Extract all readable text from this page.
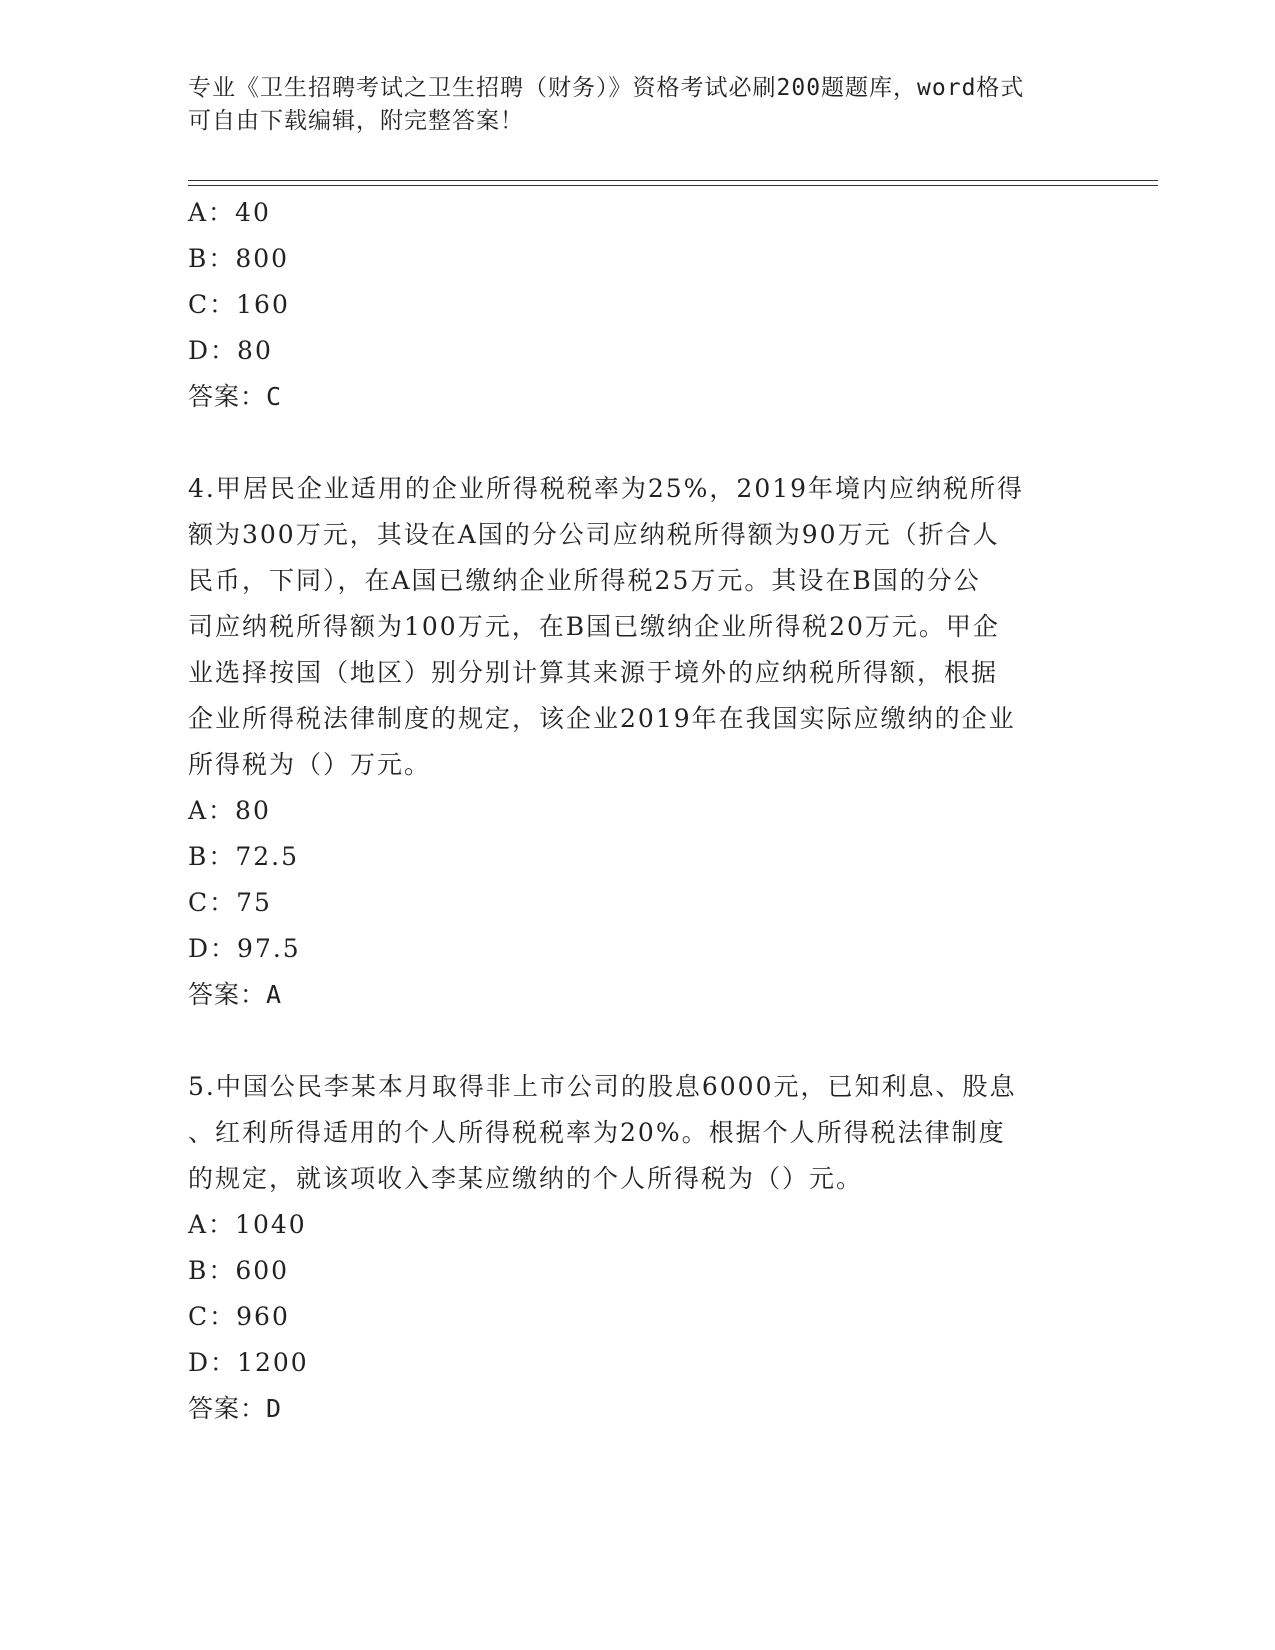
专业《卫生招聘考试之卫生招聘（财务）》资格考试必刷200题题库，word格式

可自由下载编辑，附完整答案！

A：40

B：800

C：160

D：80

答案：C

4.甲居民企业适用的企业所得税税率为25%，2019年境内应纳税所得

额为300万元，其设在A国的分公司应纳税所得额为90万元（折合人

民币，下同），在A国已缴纳企业所得税25万元。其设在B国的分公

司应纳税所得额为100万元，在B国已缴纳企业所得税20万元。甲企

业选择按国（地区）别分别计算其来源于境外的应纳税所得额，根据

企业所得税法律制度的规定，该企业2019年在我国实际应缴纳的企业

所得税为（）万元。

A：80

B：72.5

C：75

D：97.5

答案：A

5.中国公民李某本月取得非上市公司的股息6000元，已知利息、股息

、红利所得适用的个人所得税税率为20%。根据个人所得税法律制度

的规定，就该项收入李某应缴纳的个人所得税为（）元。

A：1040

B：600

C：960

D：1200

答案：D
